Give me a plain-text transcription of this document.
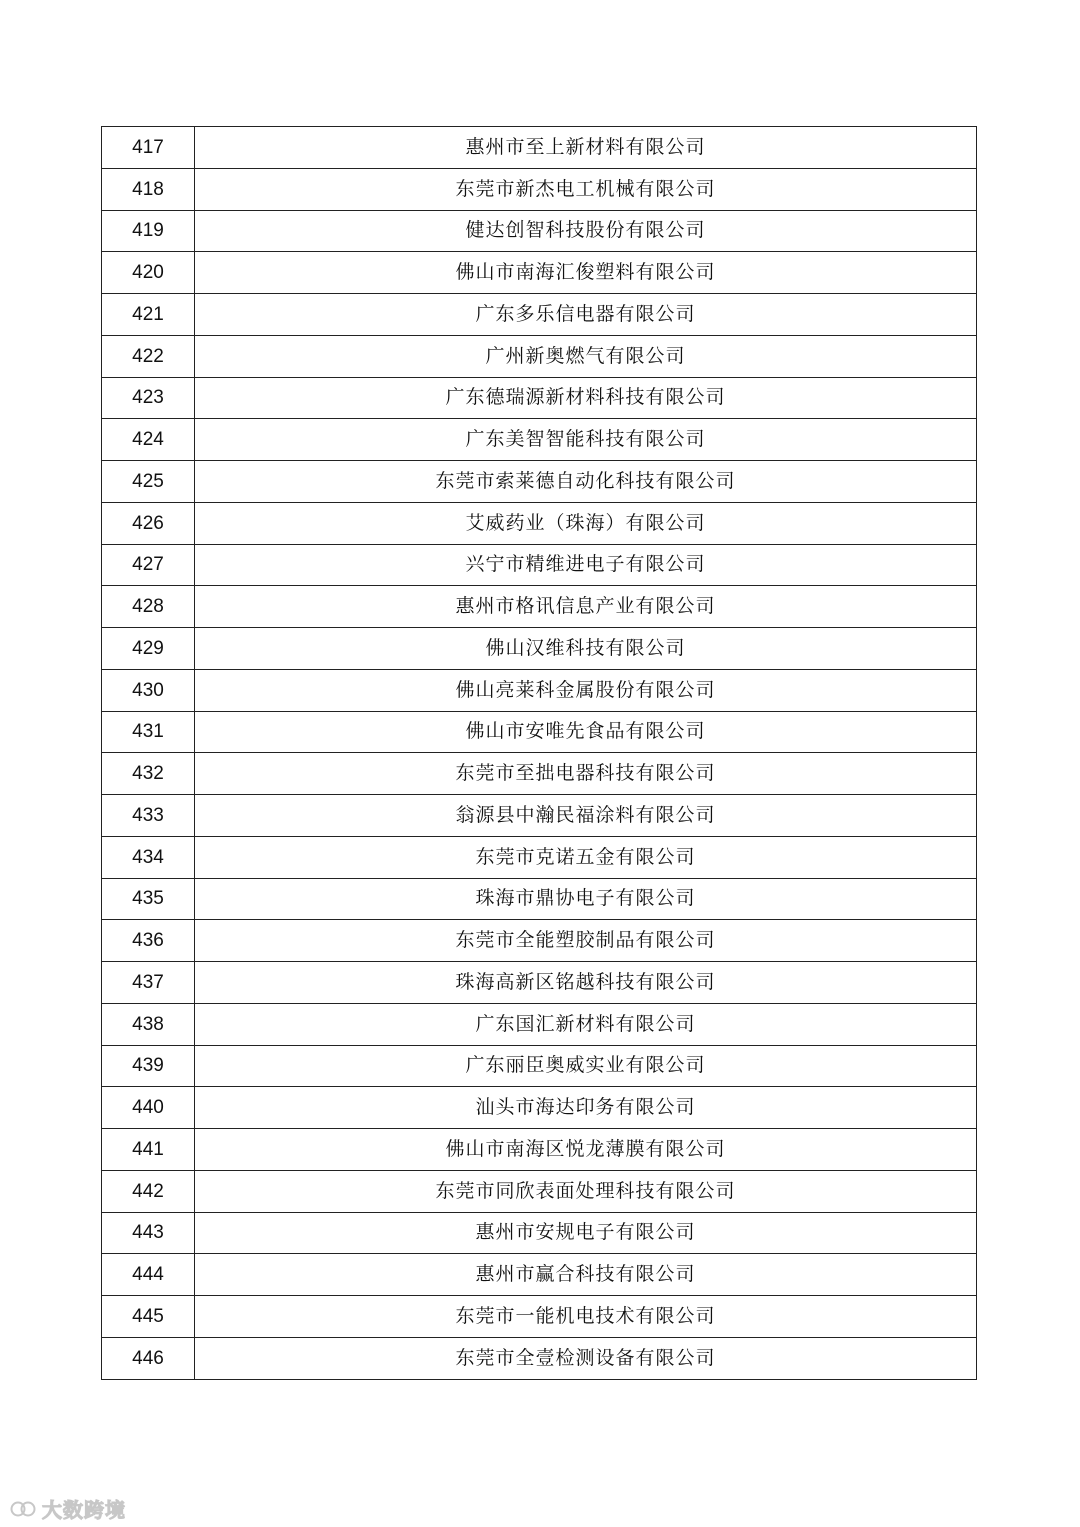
417	惠州市至上新材料有限公司
418	东莞市新杰电工机械有限公司
419	健达创智科技股份有限公司
420	佛山市南海汇俊塑料有限公司
421	广东多乐信电器有限公司
422	广州新奥燃气有限公司
423	广东德瑞源新材料科技有限公司
424	广东美智智能科技有限公司
425	东莞市索莱德自动化科技有限公司
426	艾威药业（珠海）有限公司
427	兴宁市精维进电子有限公司
428	惠州市格讯信息产业有限公司
429	佛山汉维科技有限公司
430	佛山亮莱科金属股份有限公司
431	佛山市安唯先食品有限公司
432	东莞市至拙电器科技有限公司
433	翁源县中瀚民福涂料有限公司
434	东莞市克诺五金有限公司
435	珠海市鼎协电子有限公司
436	东莞市全能塑胶制品有限公司
437	珠海高新区铭越科技有限公司
438	广东国汇新材料有限公司
439	广东丽臣奥威实业有限公司
440	汕头市海达印务有限公司
441	佛山市南海区悦龙薄膜有限公司
442	东莞市同欣表面处理科技有限公司
443	惠州市安规电子有限公司
444	惠州市赢合科技有限公司
445	东莞市一能机电技术有限公司
446	东莞市全壹检测设备有限公司
大数跨境
